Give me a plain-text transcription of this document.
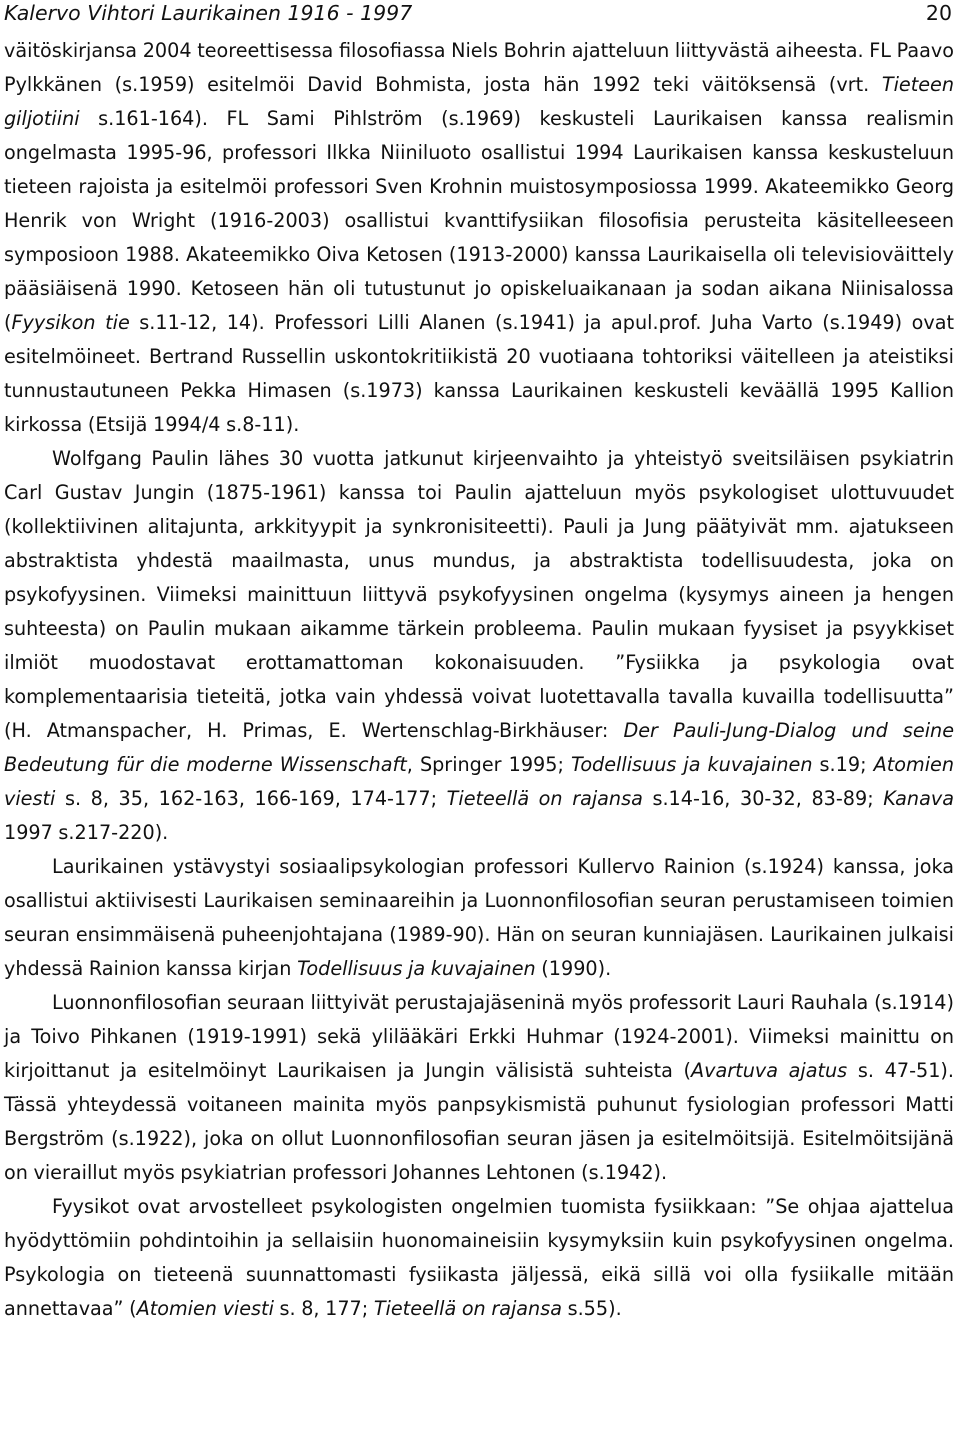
Kalervo Vihtori Laurikainen 1916 - 1997	20

väitöskirjansa 2004 teoreettisessa filosofiassa Niels Bohrin ajatteluun liittyvästä aiheesta. FL Paavo Pylkkänen (s.1959) esitelmöi David Bohmista, josta hän 1992 teki väitöksensä (vrt. Tieteen giljotiini s.161-164). FL Sami Pihlström (s.1969) keskusteli Laurikaisen kanssa realismin ongelmasta 1995-96, professori Ilkka Niiniluoto osallistui 1994 Laurikaisen kanssa keskusteluun tieteen rajoista ja esitelmöi professori Sven Krohnin muistosymposiossa 1999. Akateemikko Georg Henrik von Wright (1916-2003) osallistui kvanttifysiikan filosofisia perusteita käsitelleeseen symposioon 1988. Akateemikko Oiva Ketosen (1913-2000) kanssa Laurikaisella oli televisioväittely pääsiäisenä 1990. Ketoseen hän oli tutustunut jo opiskeluaikanaan ja sodan aikana Niinisalossa (Fyysikon tie s.11-12, 14). Professori Lilli Alanen (s.1941) ja apul.prof. Juha Varto (s.1949) ovat esitelmöineet. Bertrand Russellin uskontokritiikistä 20 vuotiaana tohtoriksi väitelleen ja ateistiksi tunnustautuneen Pekka Himasen (s.1973) kanssa Laurikainen keskusteli keväällä 1995 Kallion kirkossa (Etsijä 1994/4 s.8-11).

Wolfgang Paulin lähes 30 vuotta jatkunut kirjeenvaihto ja yhteistyö sveitsiläisen psykiatrin Carl Gustav Jungin (1875-1961) kanssa toi Paulin ajatteluun myös psykologiset ulottuvuudet (kollektiivinen alitajunta, arkkityypit ja synkronisiteetti). Pauli ja Jung päätyivät mm. ajatukseen abstraktista yhdestä maailmasta, unus mundus, ja abstraktista todellisuudesta, joka on psykofyysinen. Viimeksi mainittuun liittyvä psykofyysinen ongelma (kysymys aineen ja hengen suhteesta) on Paulin mukaan aikamme tärkein probleema. Paulin mukaan fyysiset ja psyykkiset ilmiöt muodostavat erottamattoman kokonaisuuden. ”Fysiikka ja psykologia ovat komplementaarisia tieteitä, jotka vain yhdessä voivat luotettavalla tavalla kuvailla todellisuutta” (H. Atmanspacher, H. Primas, E. Wertenschlag-Birkhäuser: Der Pauli-Jung-Dialog und seine Bedeutung für die moderne Wissenschaft, Springer 1995; Todellisuus ja kuvajainen s.19; Atomien viesti s. 8, 35, 162-163, 166-169, 174-177; Tieteellä on rajansa s.14-16, 30-32, 83-89; Kanava 1997 s.217-220).

Laurikainen ystävystyi sosiaalipsykologian professori Kullervo Rainion (s.1924) kanssa, joka osallistui aktiivisesti Laurikaisen seminaareihin ja Luonnonfilosofian seuran perustamiseen toimien seuran ensimmäisenä puheenjohtajana (1989-90). Hän on seuran kunniajäsen. Laurikainen julkaisi yhdessä Rainion kanssa kirjan Todellisuus ja kuvajainen (1990).

Luonnonfilosofian seuraan liittyivät perustajajäseninä myös professorit Lauri Rauhala (s.1914) ja Toivo Pihkanen (1919-1991) sekä ylilääkäri Erkki Huhmar (1924-2001). Viimeksi mainittu on kirjoittanut ja esitelmöinyt Laurikaisen ja Jungin välisistä suhteista (Avartuva ajatus s. 47-51). Tässä yhteydessä voitaneen mainita myös panpsykismistä puhunut fysiologian professori Matti Bergström (s.1922), joka on ollut Luonnonfilosofian seuran jäsen ja esitelmöitsijä. Esitelmöitsijänä on vieraillut myös psykiatrian professori Johannes Lehtonen (s.1942).

Fyysikot ovat arvostelleet psykologisten ongelmien tuomista fysiikkaan: ”Se ohjaa ajattelua hyödyttömiin pohdintoihin ja sellaisiin huonomaineisiin kysymyksiin kuin psykofyysinen ongelma. Psykologia on tieteenä suunnattomasti fysiikasta jäljessä, eikä sillä voi olla fysiikalle mitään annettavaa” (Atomien viesti s. 8, 177; Tieteellä on rajansa s.55).
